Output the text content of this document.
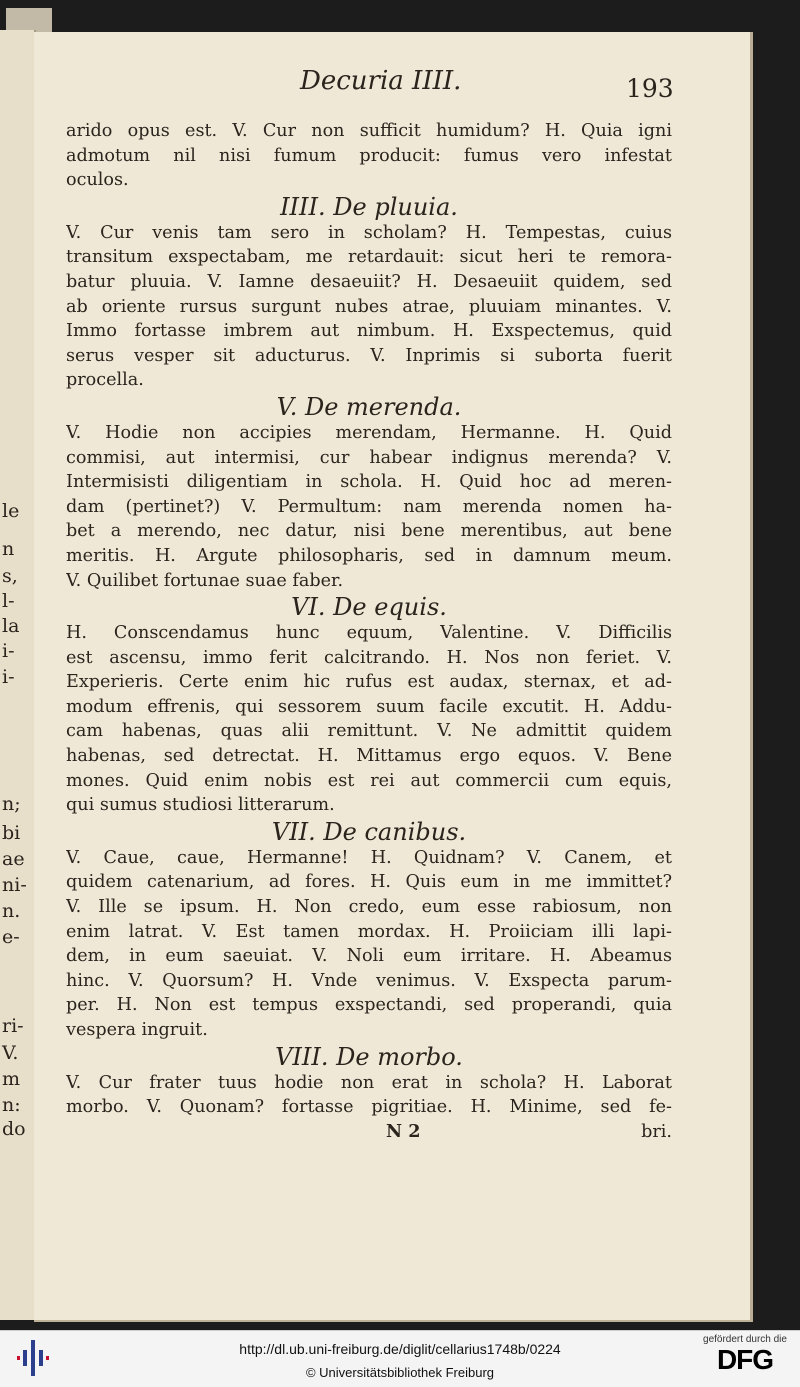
le
n
s,
l-
la
i-
i-
n;
bi
ae
ni-
n.
e-
ri-
V.
m
n:
do
Decuria IIII.	193
arido opus est. V. Cur non sufficit humidum? H. Quia igni
admotum nil nisi fumum producit: fumus vero infestat
oculos.
IIII. De pluuia.
V. Cur venis tam sero in scholam? H. Tempestas, cuius
transitum exspectabam, me retardauit: sicut heri te remora-
batur pluuia. V. Iamne desaeuiit? H. Desaeuiit quidem, sed
ab oriente rursus surgunt nubes atrae, pluuiam minantes. V.
Immo fortasse imbrem aut nimbum. H. Exspectemus, quid
serus vesper sit aducturus. V. Inprimis si suborta fuerit
procella.
V. De merenda.
V. Hodie non accipies merendam, Hermanne. H. Quid
commisi, aut intermisi, cur habear indignus merenda? V.
Intermisisti diligentiam in schola. H. Quid hoc ad meren-
dam (pertinet?) V. Permultum: nam merenda nomen ha-
bet a merendo, nec datur, nisi bene merentibus, aut bene
meritis. H. Argute philosopharis, sed in damnum meum.
V. Quilibet fortunae suae faber.
VI. De equis.
H. Conscendamus hunc equum, Valentine. V. Difficilis
est ascensu, immo ferit calcitrando. H. Nos non feriet. V.
Experieris. Certe enim hic rufus est audax, sternax, et ad-
modum effrenis, qui sessorem suum facile excutit. H. Addu-
cam habenas, quas alii remittunt. V. Ne admittit quidem
habenas, sed detrectat. H. Mittamus ergo equos. V. Bene
mones. Quid enim nobis est rei aut commercii cum equis,
qui sumus studiosi litterarum.
VII. De canibus.
V. Caue, caue, Hermanne! H. Quidnam? V. Canem, et
quidem catenarium, ad fores. H. Quis eum in me immittet?
V. Ille se ipsum. H. Non credo, eum esse rabiosum, non
enim latrat. V. Est tamen mordax. H. Proiiciam illi lapi-
dem, in eum saeuiat. V. Noli eum irritare. H. Abeamus
hinc. V. Quorsum? H. Vnde venimus. V. Exspecta parum-
per. H. Non est tempus exspectandi, sed properandi, quia
vespera ingruit.
VIII. De morbo.
V. Cur frater tuus hodie non erat in schola? H. Laborat
morbo. V. Quonam? fortasse pigritiae. H. Minime, sed fe-
N 2	bri.
http://dl.ub.uni-freiburg.de/diglit/cellarius1748b/0224
© Universitätsbibliothek Freiburg
gefördert durch die
DFG
